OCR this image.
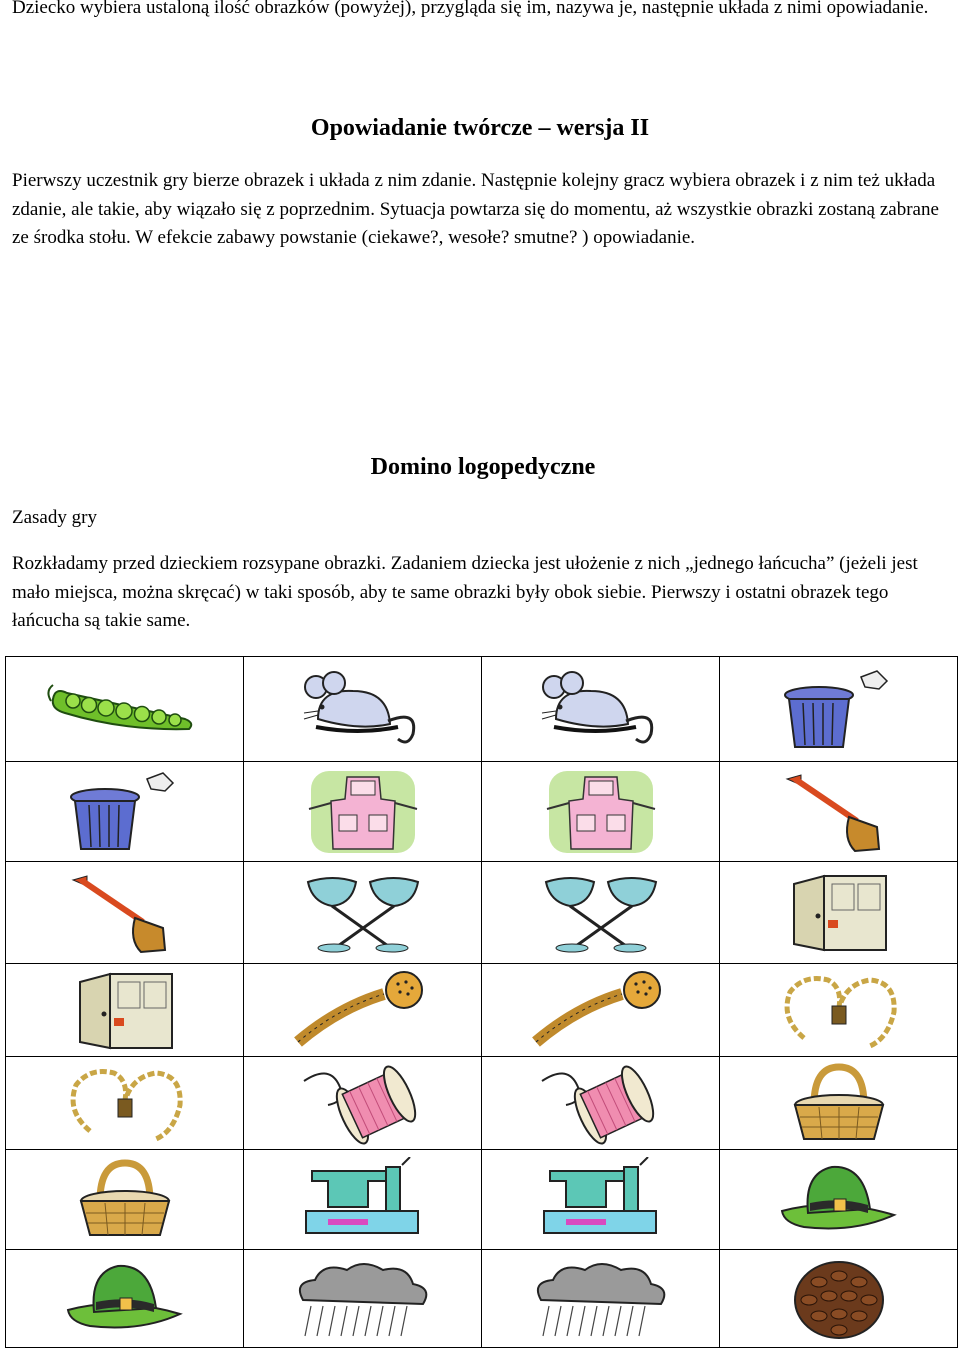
Dziecko wybiera ustaloną ilość obrazków (powyżej), przygląda się im, nazywa je, następnie układa z nimi opowiadanie.

Opowiadanie twórcze – wersja II

Pierwszy uczestnik gry bierze obrazek i układa z nim zdanie. Następnie kolejny gracz wybiera obrazek i z nim też układa zdanie, ale takie, aby wiązało się z poprzednim. Sytuacja powtarza się do momentu, aż wszystkie obrazki zostaną zabrane ze środka stołu. W efekcie zabawy powstanie (ciekawe?, wesołe? smutne? ) opowiadanie.

Domino logopedyczne

Zasady gry

Rozkładamy przed dzieckiem rozsypane obrazki. Zadaniem dziecka jest ułożenie z nich „jednego łańcucha” (jeżeli jest mało miejsca, można skręcać) w taki sposób, aby te same obrazki były obok siebie. Pierwszy i ostatni obrazek tego łańcucha są takie same.
